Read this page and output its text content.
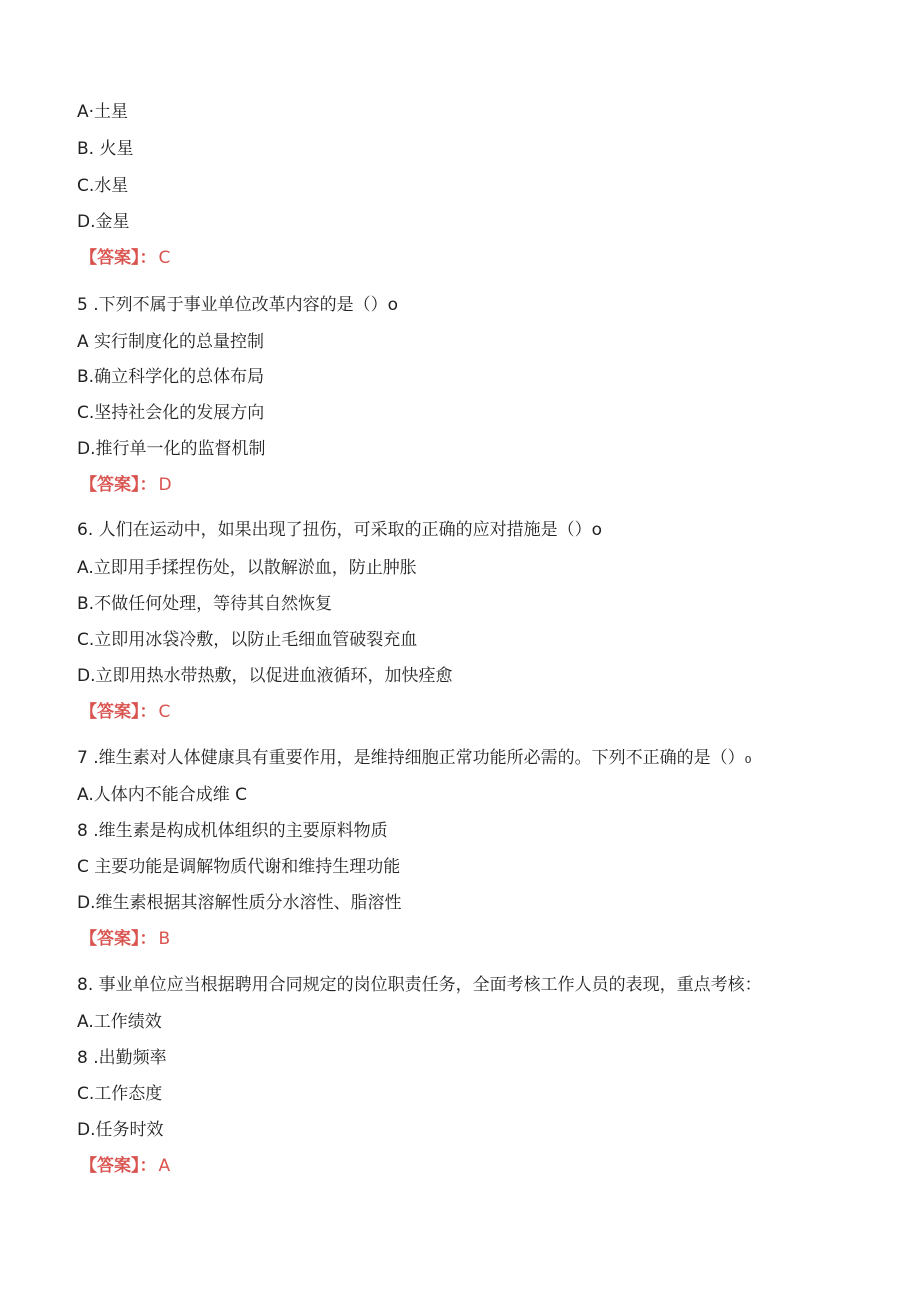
A·土星
B. 火星
C.水星
D.金星
【答案】： C
5 .下列不属于事业单位改革内容的是（）o
A 实行制度化的总量控制
B.确立科学化的总体布局
C.坚持社会化的发展方向
D.推行单一化的监督机制
【答案】： D
6. 人们在运动中，如果出现了扭伤，可采取的正确的应对措施是（）o
A.立即用手揉捏伤处，以散解淤血，防止肿胀
B.不做任何处理，等待其自然恢复
C.立即用冰袋冷敷，以防止毛细血管破裂充血
D.立即用热水带热敷，以促进血液循环，加快痊愈
【答案】： C
7 .维生素对人体健康具有重要作用，是维持细胞正常功能所必需的。下列不正确的是（）₀
A.人体内不能合成维 C
8 .维生素是构成机体组织的主要原料物质
C 主要功能是调解物质代谢和维持生理功能
D.维生素根据其溶解性质分水溶性、脂溶性
【答案】： B
8. 事业单位应当根据聘用合同规定的岗位职责任务，全面考核工作人员的表现，重点考核：
A.工作绩效
8 .出勤频率
C.工作态度
D.任务时效
【答案】： A
